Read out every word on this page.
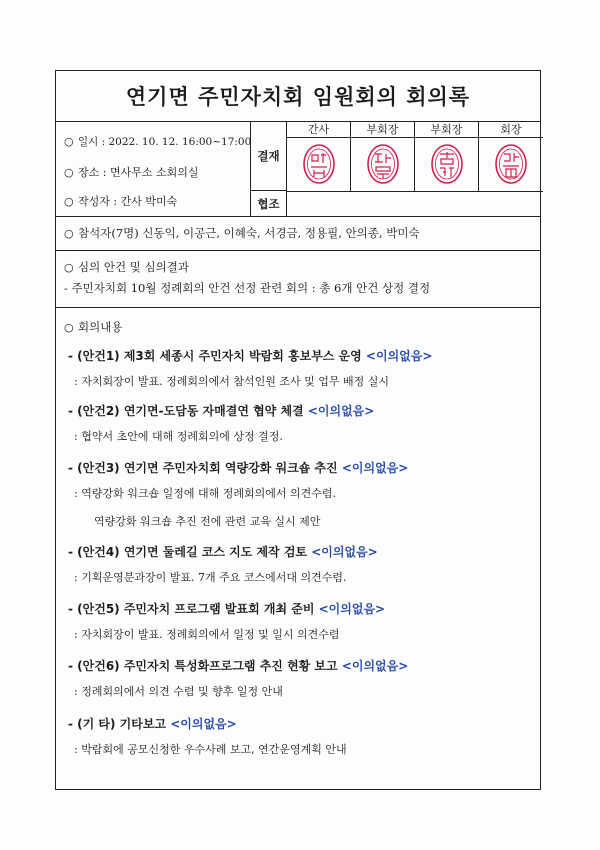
연기면 주민자치회 임원회의 회의록
○ 일시 : 2022. 10. 12. 16:00~17:00
○ 장소 : 면사무소 소회의실
○ 작성자 : 간사 박미숙
결재
협조
간사	부회장	부회장	회장
○ 참석자(7명) 신동익, 이공근, 이혜숙, 서경금, 정용필, 안의종, 박미숙
○ 심의 안건 및 심의결과
- 주민자치회 10월 정례회의 안건 선정 관련 회의 : 총 6개 안건 상정 결정
○ 회의내용
- (안건1) 제3회 세종시 주민자치 박람회 홍보부스 운영 <이의없음>
: 자치회장이 발표. 정례회의에서 참석인원 조사 및 업무 배정 실시
- (안건2) 연기면-도담동 자매결연 협약 체결 <이의없음>
: 협약서 초안에 대해 정례회의에 상정 결정.
- (안건3) 연기면 주민자치회 역량강화 워크숍 추진 <이의없음>
: 역량강화 워크숍 일정에 대해 정례회의에서 의견수렴.
역량강화 워크숍 추진 전에 관련 교육 실시 제안
- (안건4) 연기면 둘레길 코스 지도 제작 검토 <이의없음>
: 기획운영분과장이 발표. 7개 주요 코스에서대 의견수렴.
- (안건5) 주민자치 프로그램 발표회 개최 준비 <이의없음>
: 자치회장이 발표. 정례회의에서 일정 및 일시 의견수렴
- (안건6) 주민자치 특성화프로그램 추진 현황 보고 <이의없음>
: 정례회의에서 의견 수렴 및 향후 일정 안내
- (기 타) 기타보고 <이의없음>
: 박람회에 공모신청한 우수사례 보고, 연간운영계획 안내
